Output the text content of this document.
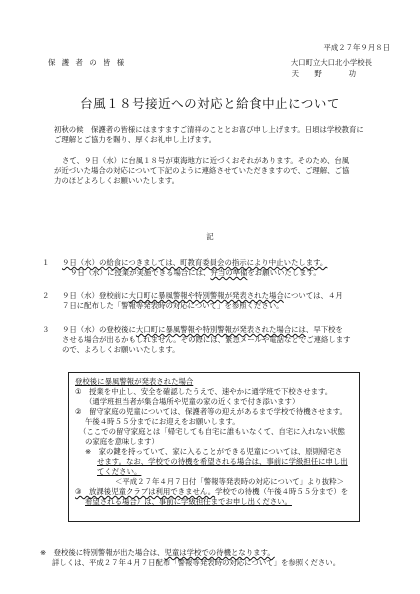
平成２７年９月８日
保 護 者 の 皆 様	大口町立大口北小学校長
天　野　　功
台風１８号接近への対応と給食中止について
初秋の候　保護者の皆様にはますますご清祥のこととお喜び申し上げます。日頃は学校教育に
ご理解とご協力を賜り、厚くお礼申し上げます。
さて、９日（水）に台風１８号が東海地方に近づくおそれがあります。そのため、台風
が近づいた場合の対応について下記のように連絡させていただきますので、ご理解、ご協
力のほどよろしくお願いいたします。
記
１ ９日（水）の給食につきましては、町教育委員会の指示により中止いたします。
９日（水）に授業が実施できる場合には、弁当の準備をお願いいたします。
２ ９日（水）登校前に大口町に暴風警報や特別警報が発表された場合については、４月
７日に配布した「警報等発表時の対応について」を参照ください。
３ ９日（水）の登校後に大口町に暴風警報や特別警報が発表された場合には、早下校を
させる場合が出るかもしれません。その際には、緊急メールや電話などでご連絡します
ので、よろしくお願いいたします。
登校後に暴風警報が発表された場合
①　授業を中止し、安全を確認したうえで、速やかに通学班で下校させます。
（通学班担当者が集合場所や児童の家の近くまで付き添います）
②　留守家庭の児童については、保護者等の迎えがあるまで学校で待機させます。
午後４時５５分までにお迎えをお願いします。
（ここでの留守家庭とは「帰宅しても自宅に誰もいなくて、自宅に入れない状態
の家庭を意味します）
※　家の鍵を持っていて、家に入ることができる児童については、原則帰宅さ
せます。なお、学校での待機を希望される場合は、事前に学級担任に申し出
てください。
＜平成２７年４月７日付「警報等発表時の対応について」より抜粋＞
③　放課後児童クラブは利用できません。学校での待機（午後４時５５分まで）を
希望される場合）は、事前に学級担任までお申し出ください。
※　登校後に特別警報が出た場合は、児童は学校での待機となります。
詳しくは、平成２７年４月７日配布「警報等発表時の対応について」を参照ください。
